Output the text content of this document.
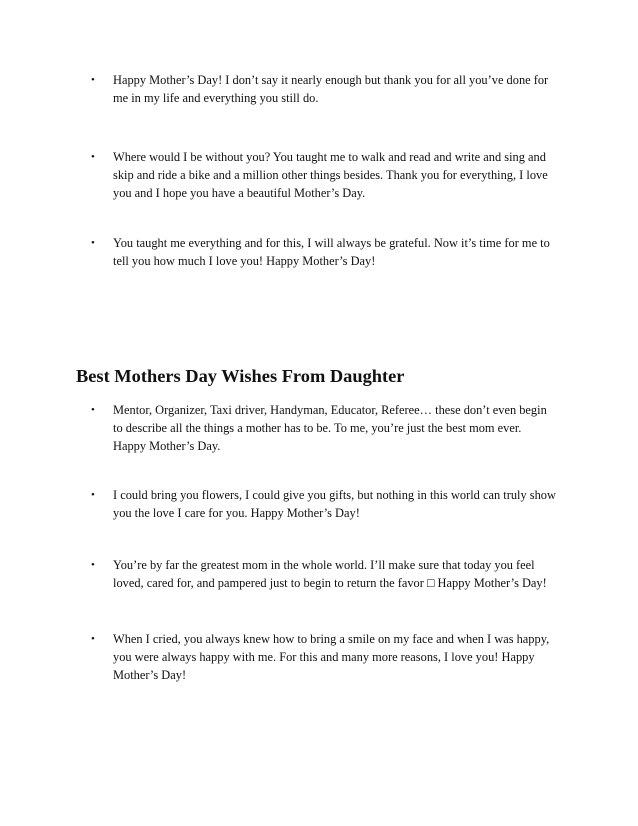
• Happy Mother’s Day! I don’t say it nearly enough but thank you for all you’ve done for
me in my life and everything you still do.
• Where would I be without you? You taught me to walk and read and write and sing and
skip and ride a bike and a million other things besides. Thank you for everything, I love
you and I hope you have a beautiful Mother’s Day.
• You taught me everything and for this, I will always be grateful. Now it’s time for me to
tell you how much I love you! Happy Mother’s Day!
Best Mothers Day Wishes From Daughter
• Mentor, Organizer, Taxi driver, Handyman, Educator, Referee… these don’t even begin
to describe all the things a mother has to be. To me, you’re just the best mom ever.
Happy Mother’s Day.
• I could bring you flowers, I could give you gifts, but nothing in this world can truly show
you the love I care for you. Happy Mother’s Day!
• You’re by far the greatest mom in the whole world. I’ll make sure that today you feel
loved, cared for, and pampered just to begin to return the favor □ Happy Mother’s Day!
• When I cried, you always knew how to bring a smile on my face and when I was happy,
you were always happy with me. For this and many more reasons, I love you! Happy
Mother’s Day!
